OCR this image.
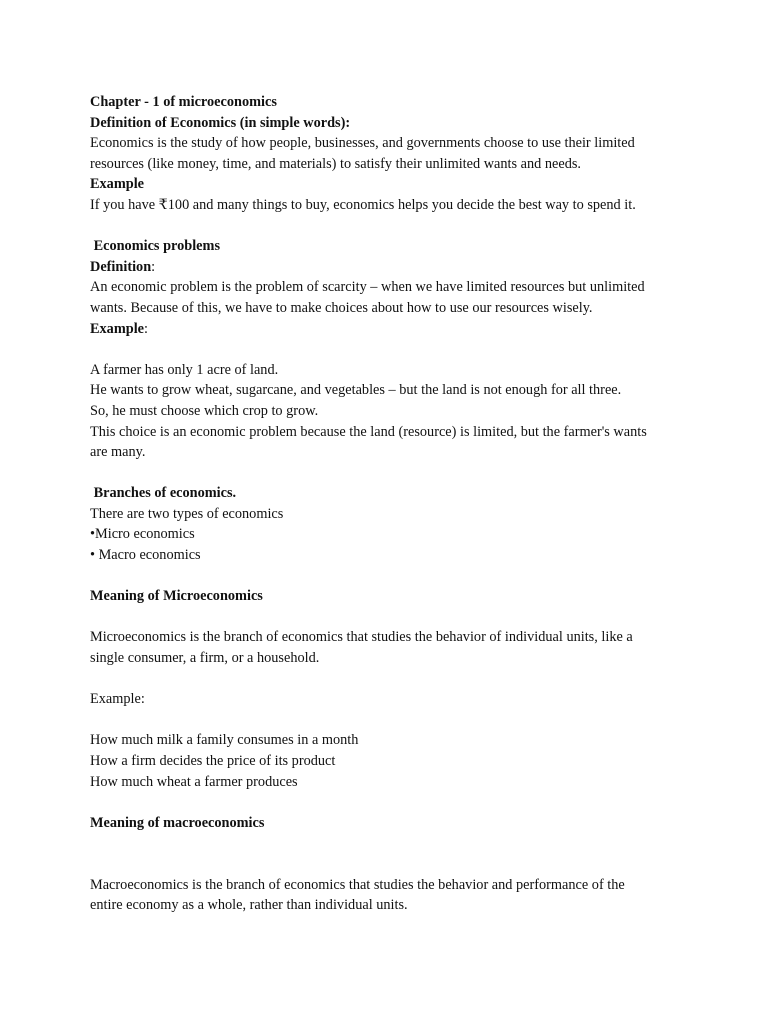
Chapter - 1 of microeconomics
Definition of Economics (in simple words):
Economics is the study of how people, businesses, and governments choose to use their limited
resources (like money, time, and materials) to satisfy their unlimited wants and needs.
Example
If you have ₹100 and many things to buy, economics helps you decide the best way to spend it.
Economics problems
Definition:
An economic problem is the problem of scarcity – when we have limited resources but unlimited
wants. Because of this, we have to make choices about how to use our resources wisely.
Example:
A farmer has only 1 acre of land.
He wants to grow wheat, sugarcane, and vegetables – but the land is not enough for all three.
So, he must choose which crop to grow.
This choice is an economic problem because the land (resource) is limited, but the farmer's wants
are many.
Branches of economics.
There are two types of economics
•Micro economics
• Macro economics
Meaning of Microeconomics
Microeconomics is the branch of economics that studies the behavior of individual units, like a
single consumer, a firm, or a household.
Example:
How much milk a family consumes in a month
How a firm decides the price of its product
How much wheat a farmer produces
Meaning of macroeconomics
Macroeconomics is the branch of economics that studies the behavior and performance of the
entire economy as a whole, rather than individual units.
